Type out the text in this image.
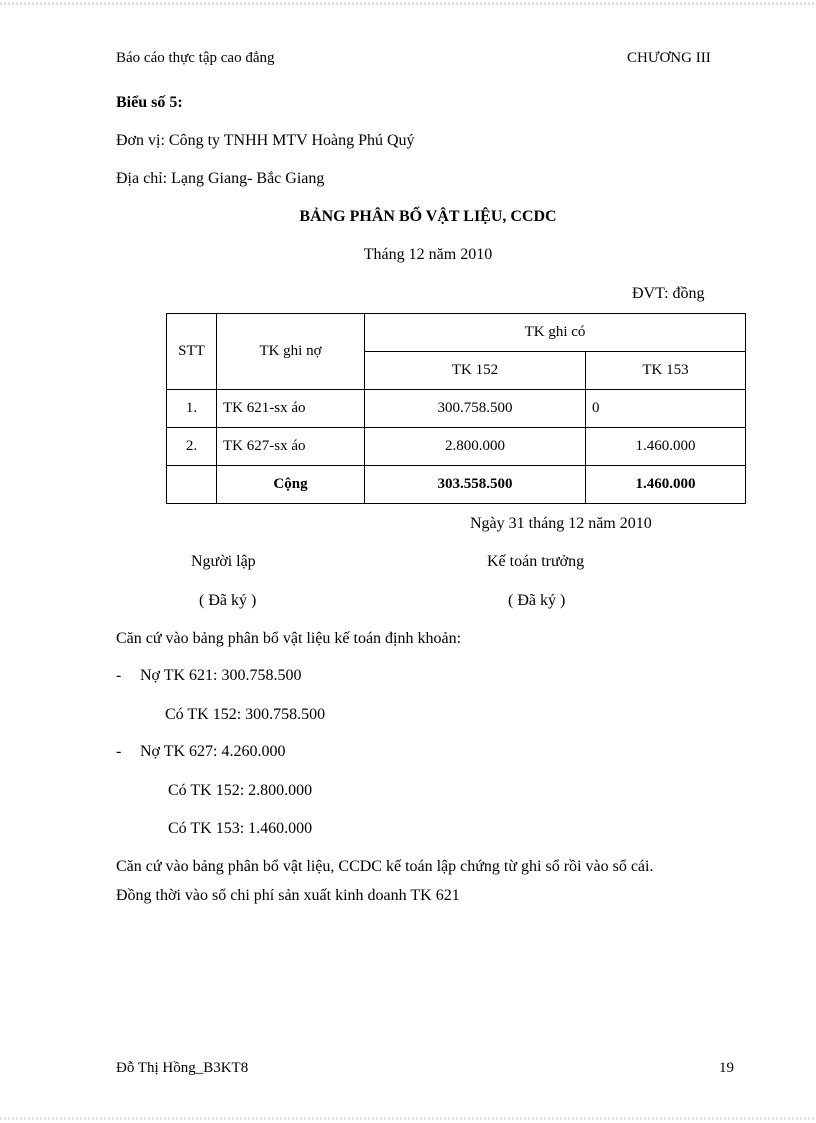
Báo cáo thực tập cao đẳng	CHƯƠNG III
Biểu số 5:
Đơn vị: Công ty TNHH MTV Hoàng Phú Quý
Địa chỉ: Lạng Giang- Bắc Giang
BẢNG PHÂN BỔ VẬT LIỆU, CCDC
Tháng 12 năm 2010
ĐVT: đồng
STT	TK ghi nợ	TK ghi có	
		TK 152	TK 153
1.	TK 621-sx áo	300.758.500	0
2.	TK 627-sx áo	2.800.000	1.460.000
	Cộng	303.558.500	1.460.000
Ngày 31 tháng 12 năm 2010
Người lập	Kế toán trưởng
( Đã ký )	( Đã ký )
Căn cứ vào bảng phân bổ vật liệu kế toán định khoản:
- Nợ TK 621: 300.758.500
Có TK 152: 300.758.500
- Nợ TK 627: 4.260.000
Có TK 152: 2.800.000
Có TK 153: 1.460.000
Căn cứ vào bảng phân bổ vật liệu, CCDC kế toán lập chứng từ ghi sổ rồi vào sổ cái.
Đồng thời vào sổ chi phí sản xuất kinh doanh TK 621
Đỗ Thị Hồng_B3KT8	19
